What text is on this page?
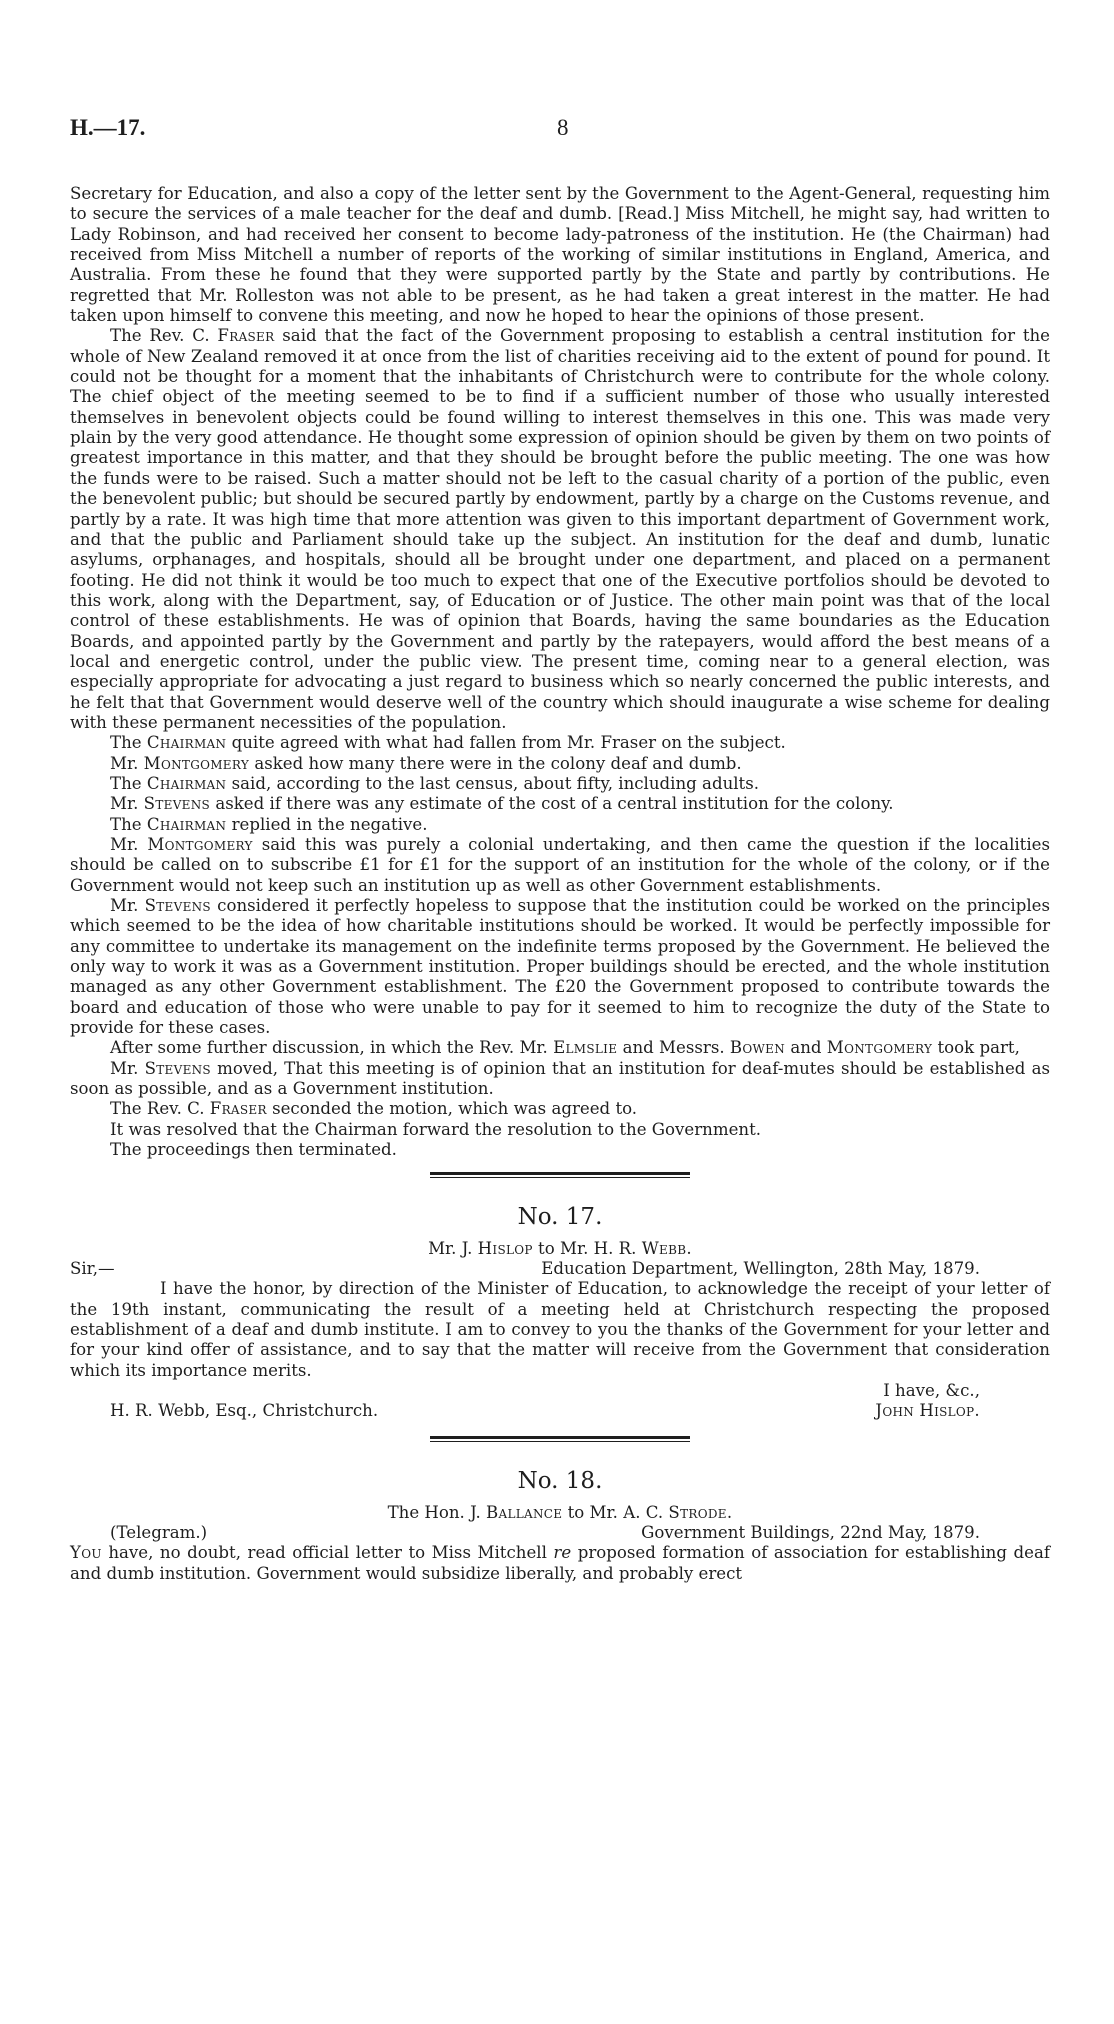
H.—17.	8

Secretary for Education, and also a copy of the letter sent by the Government to the Agent-General, requesting him to secure the services of a male teacher for the deaf and dumb. [Read.] Miss Mitchell, he might say, had written to Lady Robinson, and had received her consent to become lady-patroness of the institution. He (the Chairman) had received from Miss Mitchell a number of reports of the working of similar institutions in England, America, and Australia. From these he found that they were supported partly by the State and partly by contributions. He regretted that Mr. Rolleston was not able to be present, as he had taken a great interest in the matter. He had taken upon himself to convene this meeting, and now he hoped to hear the opinions of those present.

The Rev. C. Fraser said that the fact of the Government proposing to establish a central institution for the whole of New Zealand removed it at once from the list of charities receiving aid to the extent of pound for pound. It could not be thought for a moment that the inhabitants of Christchurch were to contribute for the whole colony. The chief object of the meeting seemed to be to find if a sufficient number of those who usually interested themselves in benevolent objects could be found willing to interest themselves in this one. This was made very plain by the very good attendance. He thought some expression of opinion should be given by them on two points of greatest importance in this matter, and that they should be brought before the public meeting. The one was how the funds were to be raised. Such a matter should not be left to the casual charity of a portion of the public, even the benevolent public; but should be secured partly by endowment, partly by a charge on the Customs revenue, and partly by a rate. It was high time that more attention was given to this important department of Government work, and that the public and Parliament should take up the subject. An institution for the deaf and dumb, lunatic asylums, orphanages, and hospitals, should all be brought under one department, and placed on a permanent footing. He did not think it would be too much to expect that one of the Executive portfolios should be devoted to this work, along with the Department, say, of Education or of Justice. The other main point was that of the local control of these establishments. He was of opinion that Boards, having the same boundaries as the Education Boards, and appointed partly by the Government and partly by the ratepayers, would afford the best means of a local and energetic control, under the public view. The present time, coming near to a general election, was especially appropriate for advocating a just regard to business which so nearly concerned the public interests, and he felt that that Government would deserve well of the country which should inaugurate a wise scheme for dealing with these permanent necessities of the population.

The Chairman quite agreed with what had fallen from Mr. Fraser on the subject.

Mr. Montgomery asked how many there were in the colony deaf and dumb.

The Chairman said, according to the last census, about fifty, including adults.

Mr. Stevens asked if there was any estimate of the cost of a central institution for the colony.

The Chairman replied in the negative.

Mr. Montgomery said this was purely a colonial undertaking, and then came the question if the localities should be called on to subscribe £1 for £1 for the support of an institution for the whole of the colony, or if the Government would not keep such an institution up as well as other Government establishments.

Mr. Stevens considered it perfectly hopeless to suppose that the institution could be worked on the principles which seemed to be the idea of how charitable institutions should be worked. It would be perfectly impossible for any committee to undertake its management on the indefinite terms proposed by the Government. He believed the only way to work it was as a Government institution. Proper buildings should be erected, and the whole institution managed as any other Government establishment. The £20 the Government proposed to contribute towards the board and education of those who were unable to pay for it seemed to him to recognize the duty of the State to provide for these cases.

After some further discussion, in which the Rev. Mr. Elmslie and Messrs. Bowen and Montgomery took part,

Mr. Stevens moved, That this meeting is of opinion that an institution for deaf-mutes should be established as soon as possible, and as a Government institution.

The Rev. C. Fraser seconded the motion, which was agreed to.

It was resolved that the Chairman forward the resolution to the Government.

The proceedings then terminated.

No. 17.
Mr. J. Hislop to Mr. H. R. Webb.
Sir,—	Education Department, Wellington, 28th May, 1879.

I have the honor, by direction of the Minister of Education, to acknowledge the receipt of your letter of the 19th instant, communicating the result of a meeting held at Christchurch respecting the proposed establishment of a deaf and dumb institute. I am to convey to you the thanks of the Government for your letter and for your kind offer of assistance, and to say that the matter will receive from the Government that consideration which its importance merits.

I have, &c.,
H. R. Webb, Esq., Christchurch.	John Hislop.
No. 18.
The Hon. J. Ballance to Mr. A. C. Strode.
(Telegram.)	Government Buildings, 22nd May, 1879.

You have, no doubt, read official letter to Miss Mitchell re proposed formation of association for establishing deaf and dumb institution. Government would subsidize liberally, and probably erect
